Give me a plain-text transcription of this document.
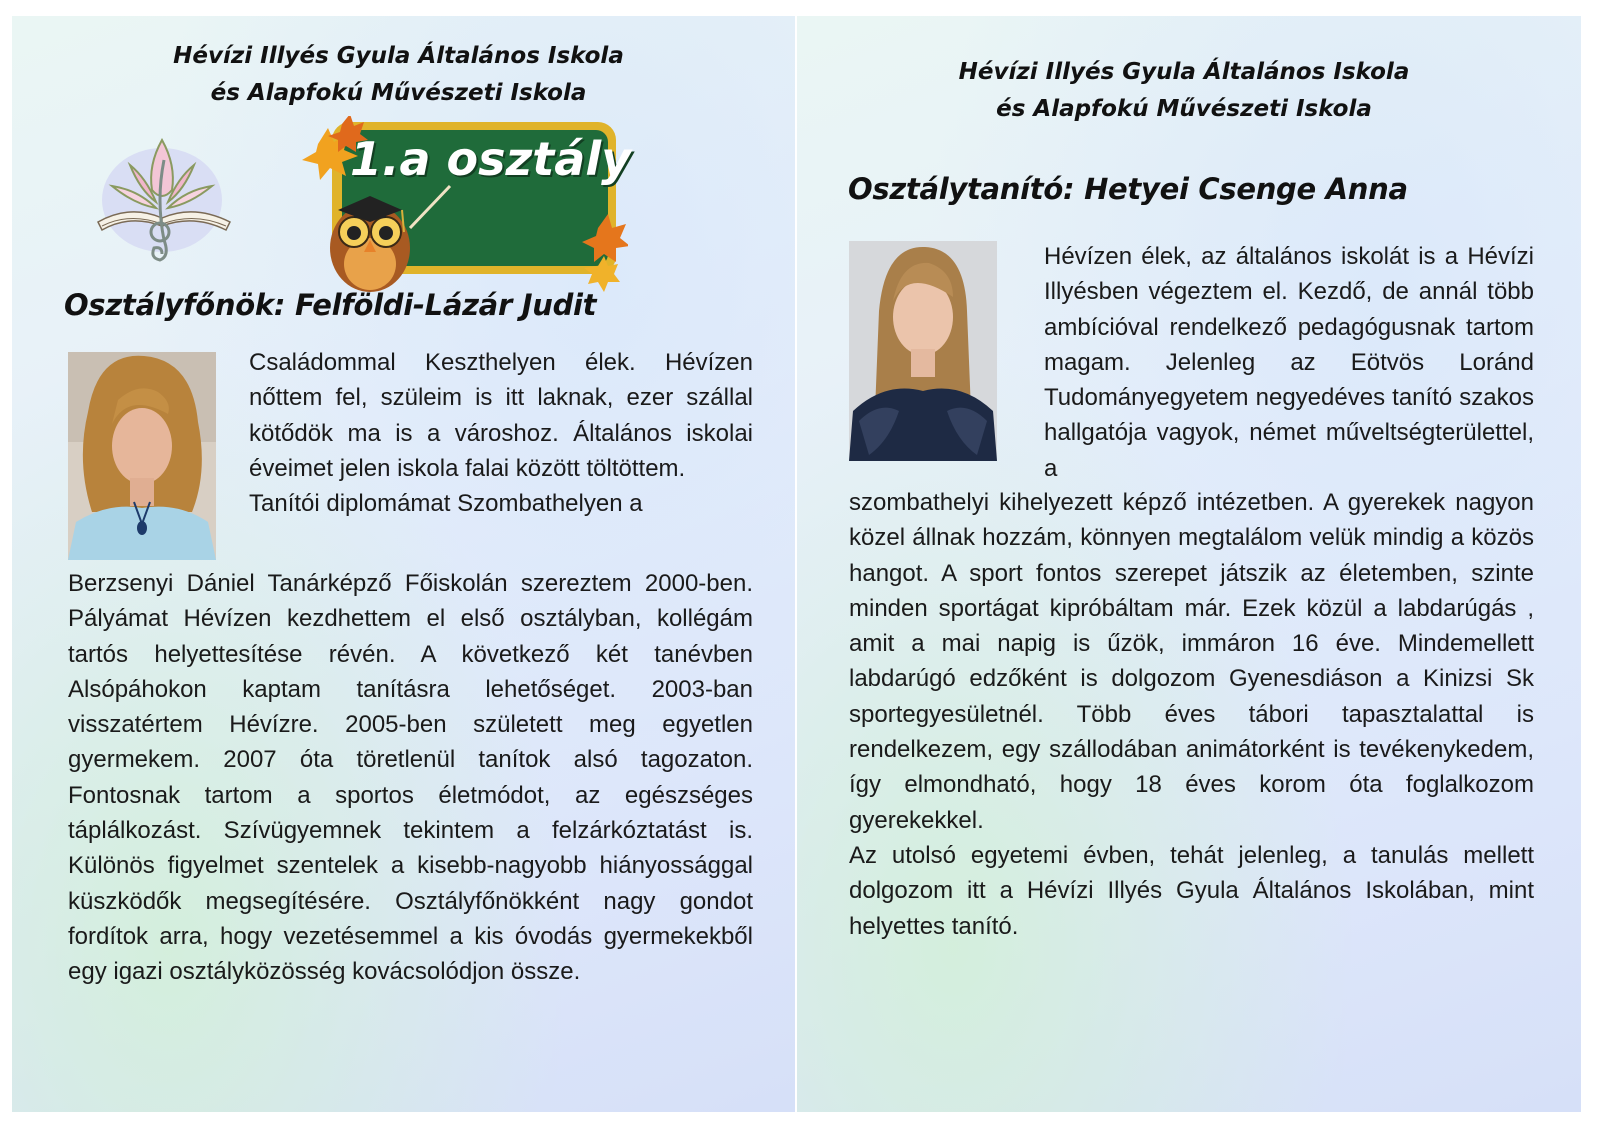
Hévízi Illyés Gyula Általános Iskola
és Alapfokú Művészeti Iskola
1.a osztály
Osztályfőnök: Felföldi-Lázár Judit

Családommal Keszthelyen élek. Hévízen nőttem fel, szüleim is itt laknak, ezer szállal kötődök ma is a városhoz. Általános iskolai éveimet jelen iskola falai között töltöttem.

Tanítói diplomámat Szombathelyen a

Berzsenyi Dániel Tanárképző Főiskolán szereztem 2000-ben. Pályámat Hévízen kezdhettem el első osztályban, kollégám tartós helyettesítése révén. A következő két tanévben Alsópáhokon kaptam tanításra lehetőséget. 2003-ban visszatértem Hévízre. 2005-ben született meg egyetlen gyermekem. 2007 óta töretlenül tanítok alsó tagozaton. Fontosnak tartom a sportos életmódot, az egészséges táplálkozást. Szívügyemnek tekintem a felzárkóztatást is. Különös figyelmet szentelek a kisebb-nagyobb hiányossággal küszködők megsegítésére. Osztályfőnökként nagy gondot fordítok arra, hogy vezetésemmel a kis óvodás gyermekekből egy igazi osztályközösség kovácsolódjon össze.

Hévízi Illyés Gyula Általános Iskola
és Alapfokú Művészeti Iskola
Osztálytanító: Hetyei Csenge Anna

Hévízen élek, az általános iskolát is a Hévízi Illyésben végeztem el. Kezdő, de annál több ambícióval rendelkező pedagógusnak tartom magam. Jelenleg az Eötvös Loránd Tudományegyetem negyedéves tanító szakos hallgatója vagyok, német műveltségterülettel, a

szombathelyi kihelyezett képző intézetben. A gyerekek nagyon közel állnak hozzám, könnyen megtalálom velük mindig a közös hangot. A sport fontos szerepet játszik az életemben, szinte minden sportágat kipróbáltam már. Ezek közül a labdarúgás , amit a mai napig is űzök, immáron 16 éve. Mindemellett labdarúgó edzőként is dolgozom Gyenesdiáson a Kinizsi Sk sportegyesületnél. Több éves tábori tapasztalattal is rendelkezem, egy szállodában animátorként is tevékenykedem, így elmondható, hogy 18 éves korom óta foglalkozom gyerekekkel.

Az utolsó egyetemi évben, tehát jelenleg, a tanulás mellett dolgozom itt a Hévízi Illyés Gyula Általános Iskolában, mint helyettes tanító.
